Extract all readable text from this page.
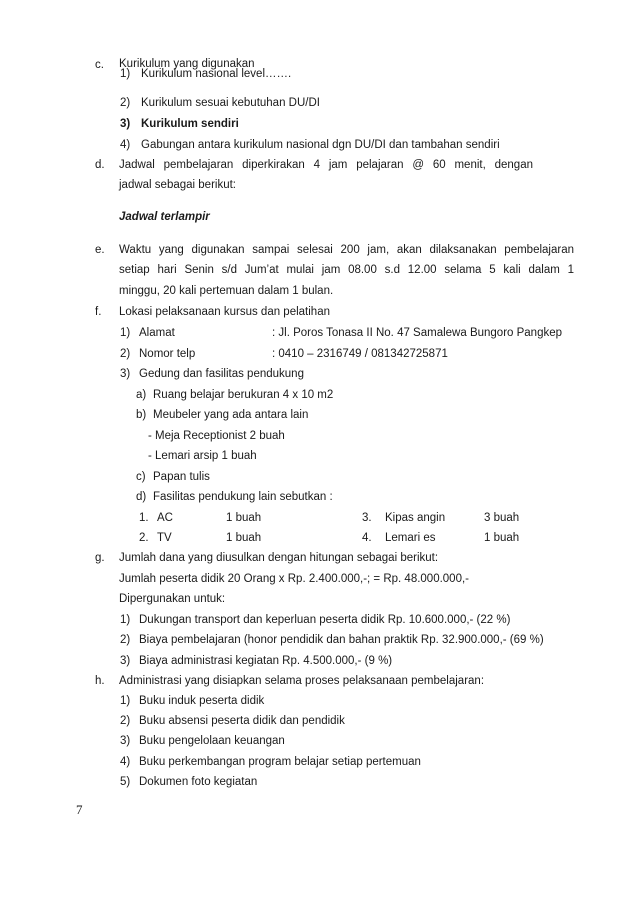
c. Kurikulum yang digunakan
1) Kurikulum nasional level…….
2) Kurikulum sesuai kebutuhan DU/DI
3) Kurikulum sendiri
4) Gabungan antara kurikulum nasional dgn DU/DI dan tambahan sendiri
d. Jadwal pembelajaran diperkirakan 4 jam pelajaran @ 60 menit, dengan
jadwal sebagai berikut:
Jadwal terlampir
e. Waktu yang digunakan sampai selesai 200 jam, akan dilaksanakan pembelajaran
setiap hari Senin s/d Jum’at mulai jam 08.00 s.d 12.00 selama 5 kali dalam 1
minggu, 20 kali pertemuan dalam 1 bulan.
f. Lokasi pelaksanaan kursus dan pelatihan
1) Alamat	: Jl. Poros Tonasa II No. 47 Samalewa Bungoro Pangkep
2) Nomor telp	: 0410 – 2316749 / 081342725871
3) Gedung dan fasilitas pendukung
a) Ruang belajar berukuran 4 x 10 m2
b) Meubeler yang ada antara lain
- Meja Receptionist 2 buah
- Lemari arsip 1 buah
c) Papan tulis
d) Fasilitas pendukung lain sebutkan :
1. AC	1 buah	3. Kipas angin	3 buah
2. TV	1 buah	4. Lemari es	1 buah
g. Jumlah dana yang diusulkan dengan hitungan sebagai berikut:
Jumlah peserta didik 20 Orang x Rp. 2.400.000,-; = Rp. 48.000.000,-
Dipergunakan untuk:
1) Dukungan transport dan keperluan peserta didik Rp. 10.600.000,- (22 %)
2) Biaya pembelajaran (honor pendidik dan bahan praktik Rp. 32.900.000,- (69 %)
3) Biaya administrasi kegiatan Rp. 4.500.000,- (9 %)
h. Administrasi yang disiapkan selama proses pelaksanaan pembelajaran:
1) Buku induk peserta didik
2) Buku absensi peserta didik dan pendidik
3) Buku pengelolaan keuangan
4) Buku perkembangan program belajar setiap pertemuan
5) Dokumen foto kegiatan
7
